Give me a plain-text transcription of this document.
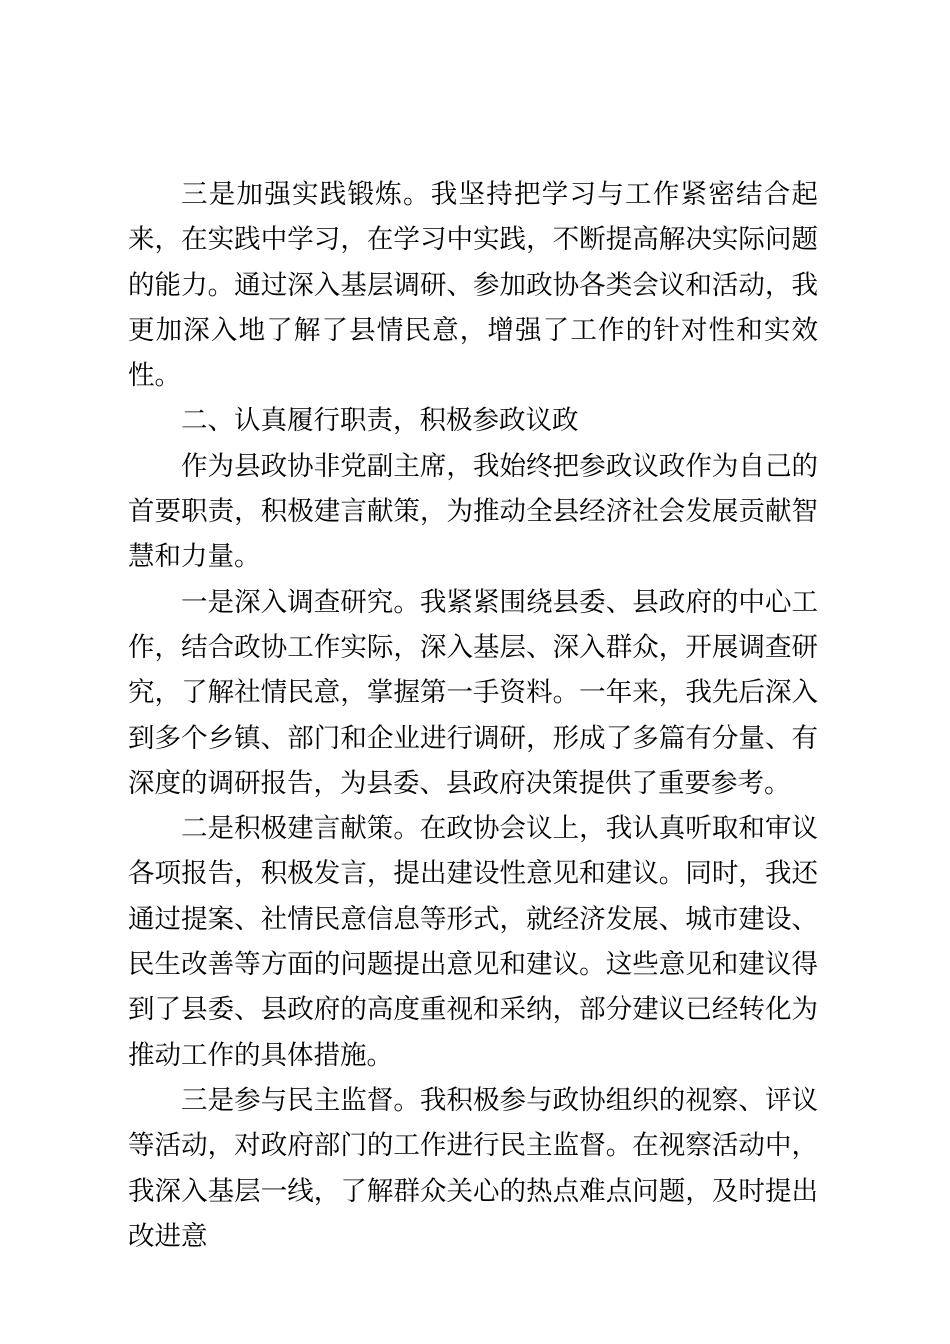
三是加强实践锻炼。我坚持把学习与工作紧密结合起来，在实践中学习，在学习中实践，不断提高解决实际问题的能力。通过深入基层调研、参加政协各类会议和活动，我更加深入地了解了县情民意，增强了工作的针对性和实效性。

二、认真履行职责，积极参政议政

作为县政协非党副主席，我始终把参政议政作为自己的首要职责，积极建言献策，为推动全县经济社会发展贡献智慧和力量。

一是深入调查研究。我紧紧围绕县委、县政府的中心工作，结合政协工作实际，深入基层、深入群众，开展调查研究，了解社情民意，掌握第一手资料。一年来，我先后深入到多个乡镇、部门和企业进行调研，形成了多篇有分量、有深度的调研报告，为县委、县政府决策提供了重要参考。

二是积极建言献策。在政协会议上，我认真听取和审议各项报告，积极发言，提出建设性意见和建议。同时，我还通过提案、社情民意信息等形式，就经济发展、城市建设、民生改善等方面的问题提出意见和建议。这些意见和建议得到了县委、县政府的高度重视和采纳，部分建议已经转化为推动工作的具体措施。

三是参与民主监督。我积极参与政协组织的视察、评议等活动，对政府部门的工作进行民主监督。在视察活动中，我深入基层一线，了解群众关心的热点难点问题，及时提出改进意
